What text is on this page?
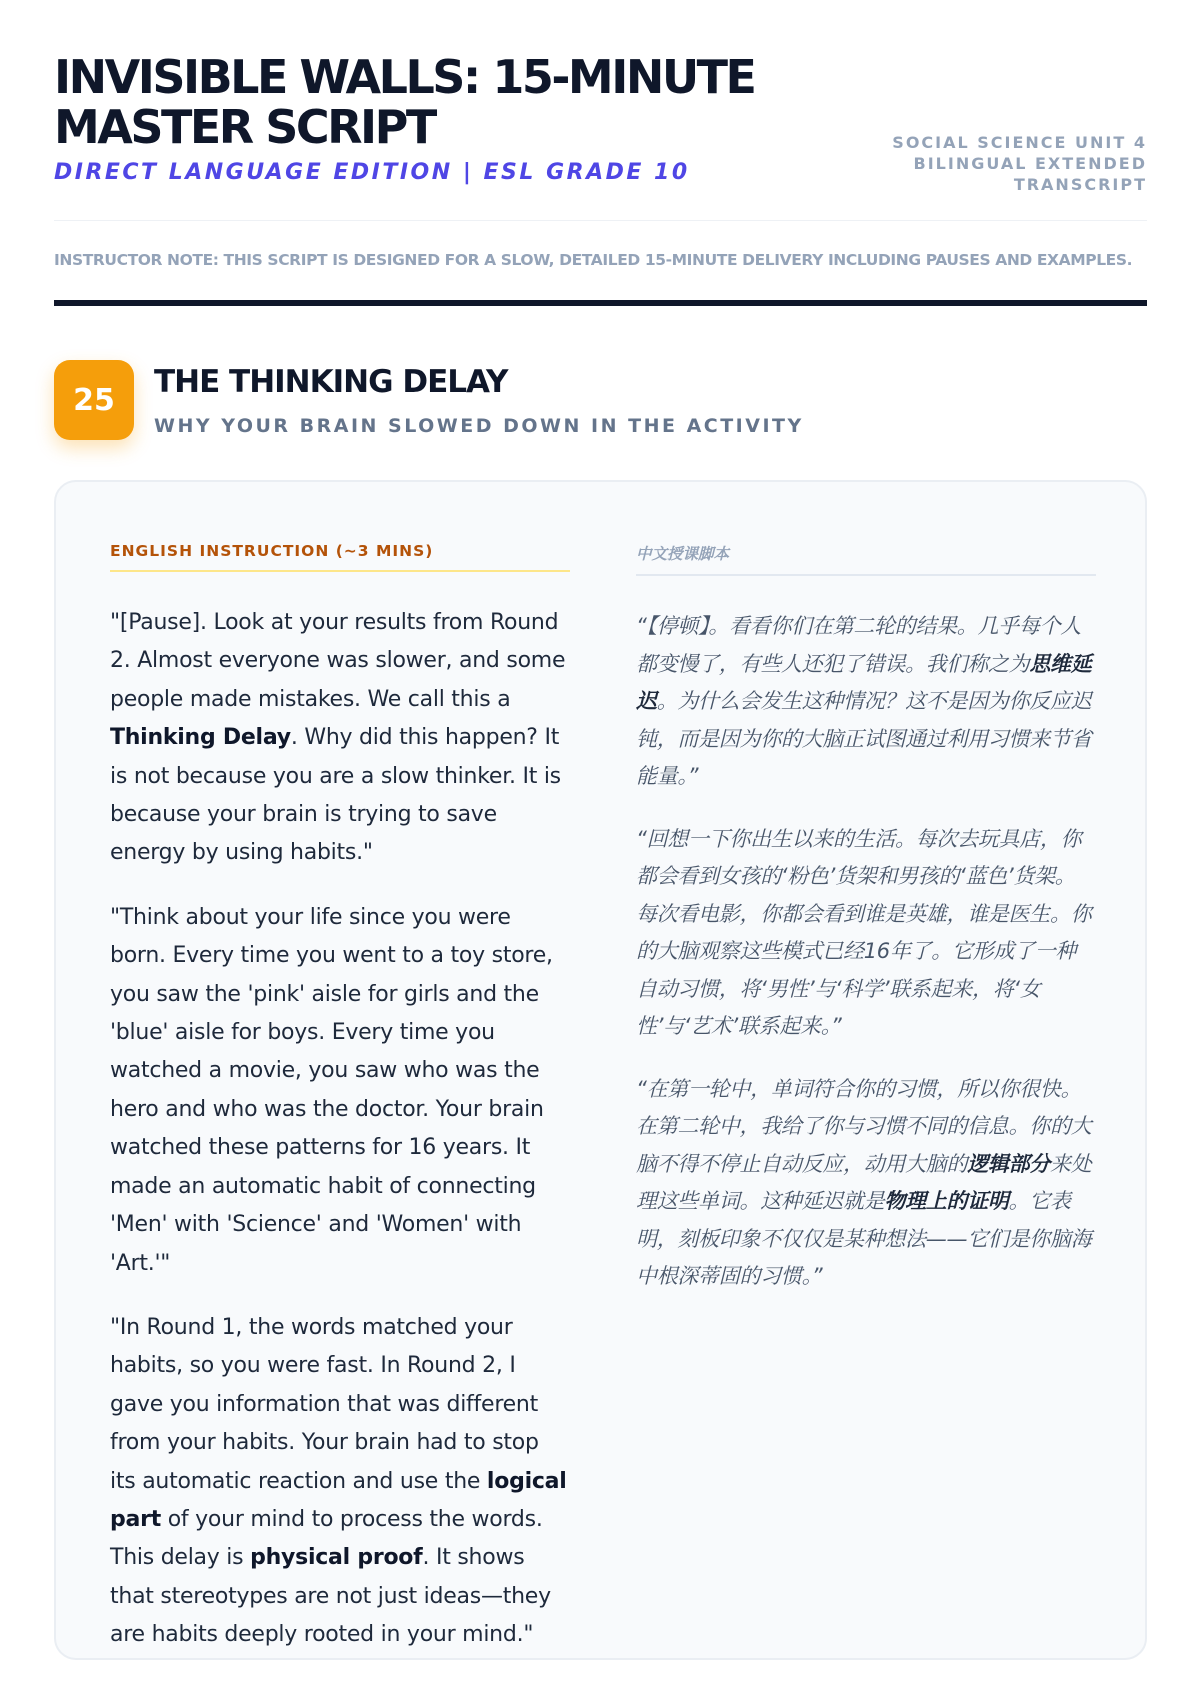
INVISIBLE WALLS: 15-MINUTE
MASTER SCRIPT
DIRECT LANGUAGE EDITION | ESL GRADE 10
SOCIAL SCIENCE UNIT 4
BILINGUAL EXTENDED
TRANSCRIPT
INSTRUCTOR NOTE: THIS SCRIPT IS DESIGNED FOR A SLOW, DETAILED 15-MINUTE DELIVERY INCLUDING PAUSES AND EXAMPLES.
25	THE THINKING DELAY
WHY YOUR BRAIN SLOWED DOWN IN THE ACTIVITY
ENGLISH INSTRUCTION (~3 MINS)

"[Pause]. Look at your results from Round 2. Almost everyone was slower, and some people made mistakes. We call this a Thinking Delay. Why did this happen? It is not because you are a slow thinker. It is because your brain is trying to save energy by using habits."

"Think about your life since you were born. Every time you went to a toy store, you saw the 'pink' aisle for girls and the 'blue' aisle for boys. Every time you watched a movie, you saw who was the hero and who was the doctor. Your brain watched these patterns for 16 years. It made an automatic habit of connecting 'Men' with 'Science' and 'Women' with 'Art.'"

"In Round 1, the words matched your habits, so you were fast. In Round 2, I gave you information that was different from your habits. Your brain had to stop its automatic reaction and use the logical part of your mind to process the words. This delay is physical proof. It shows that stereotypes are not just ideas—they are habits deeply rooted in your mind."

中文授课脚本

“【停顿】。看看你们在第二轮的结果。几乎每个人都变慢了，有些人还犯了错误。我们称之为思维延迟。为什么会发生这种情况？这不是因为你反应迟钝，而是因为你的大脑正试图通过利用习惯来节省能量。”

“回想一下你出生以来的生活。每次去玩具店，你都会看到女孩的‘粉色’货架和男孩的‘蓝色’货架。每次看电影，你都会看到谁是英雄，谁是医生。你的大脑观察这些模式已经16年了。它形成了一种自动习惯，将‘男性’与‘科学’联系起来，将‘女性’与‘艺术’联系起来。”

“在第一轮中，单词符合你的习惯，所以你很快。在第二轮中，我给了你与习惯不同的信息。你的大脑不得不停止自动反应，动用大脑的逻辑部分来处理这些单词。这种延迟就是物理上的证明。它表明，刻板印象不仅仅是某种想法——它们是你脑海中根深蒂固的习惯。”
